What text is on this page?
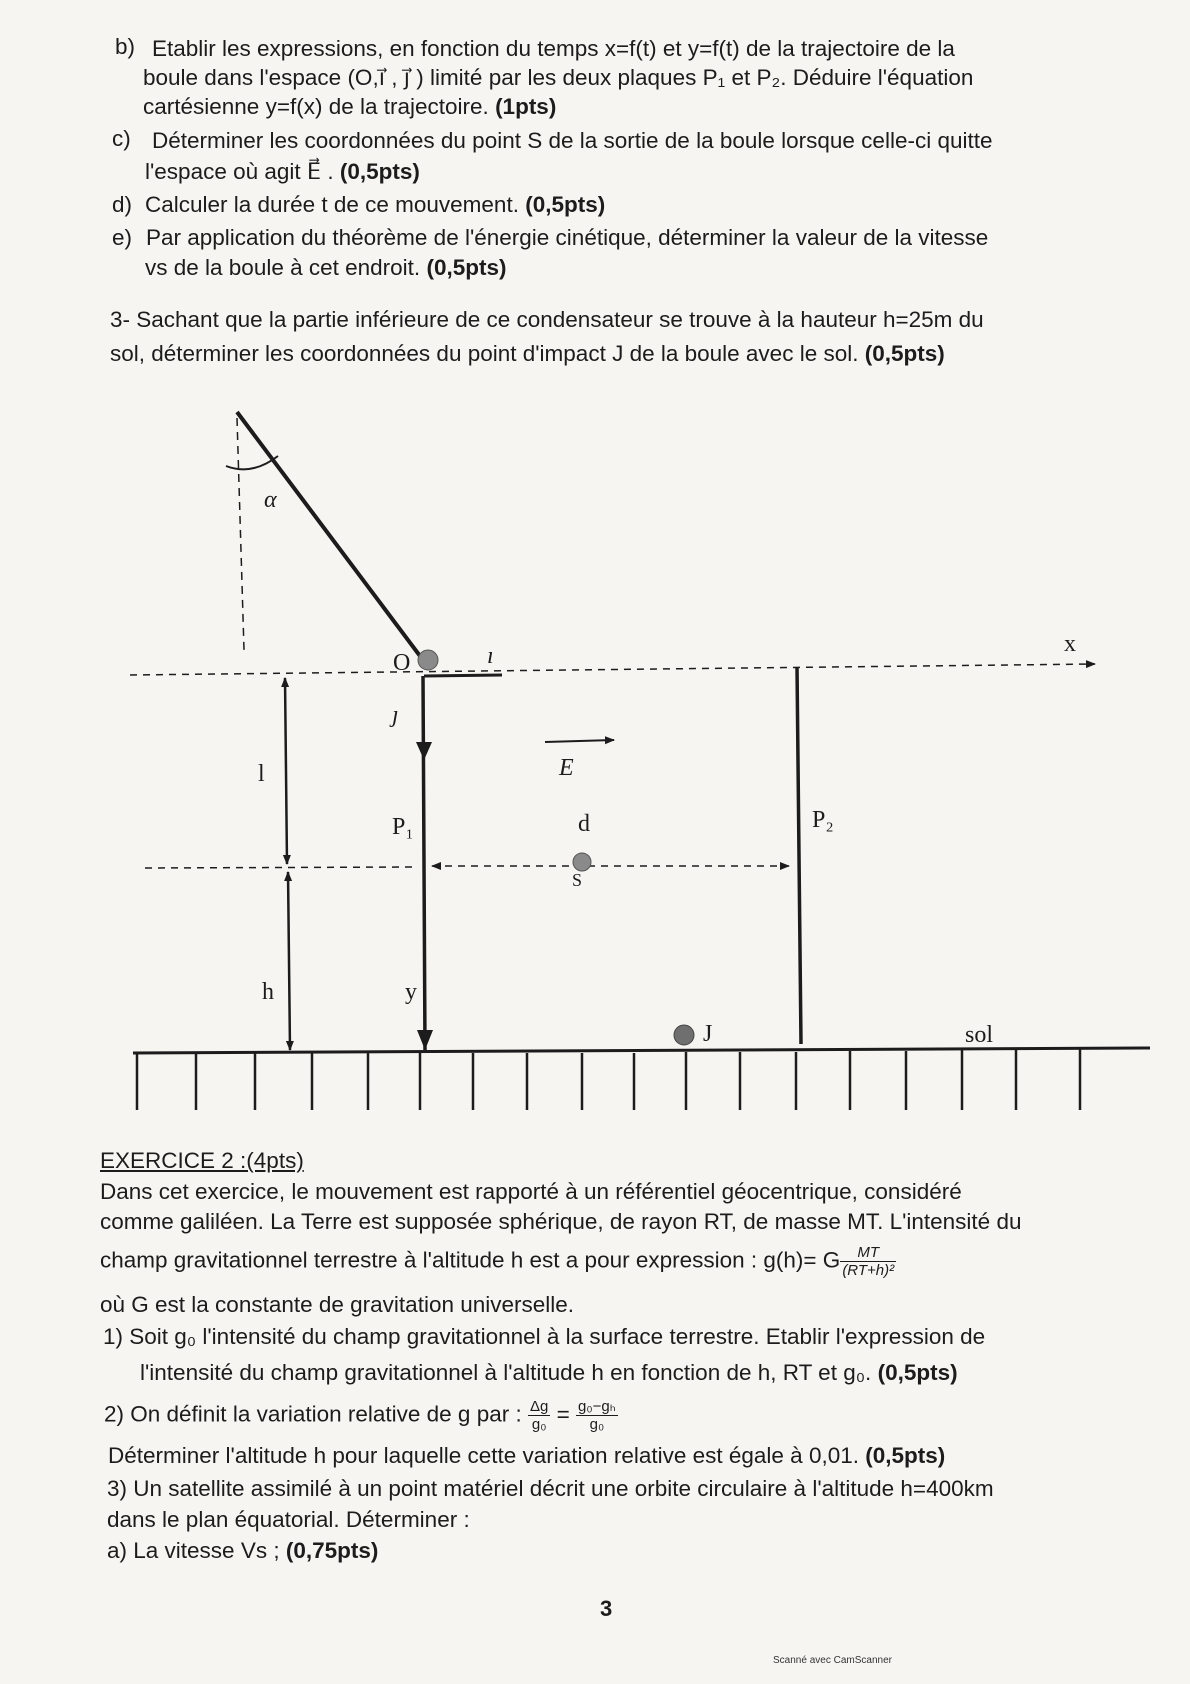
b) Etablir les expressions, en fonction du temps x=f(t) et y=f(t) de la trajectoire de la
boule dans l'espace (O,ı⃗ , ȷ⃗ ) limité par les deux plaques P₁ et P₂. Déduire l'équation
cartésienne y=f(x) de la trajectoire. (1pts)
c) Déterminer les coordonnées du point S de la sortie de la boule lorsque celle-ci quitte
l'espace où agit E⃗ . (0,5pts)
d) Calculer la durée t de ce mouvement. (0,5pts)
e) Par application du théorème de l'énergie cinétique, déterminer la valeur de la vitesse
vs de la boule à cet endroit. (0,5pts)
3- Sachant que la partie inférieure de ce condensateur se trouve à la hauteur h=25m du
sol, déterminer les coordonnées du point d'impact J de la boule avec le sol. (0,5pts)
α
O	ı⃗	x
ȷ⃗
E⃗
l
P₁	d	P₂
S
h	y
J	sol
EXERCICE 2 :(4pts)
Dans cet exercice, le mouvement est rapporté à un référentiel géocentrique, considéré
comme galiléen. La Terre est supposée sphérique, de rayon RT, de masse MT. L'intensité du
champ gravitationnel terrestre à l'altitude h est a pour expression : g(h)= G $\frac{MT}{\text{(RT+h)²}}$
où G est la constante de gravitation universelle.
1) Soit g₀ l'intensité du champ gravitationnel à la surface terrestre. Etablir l'expression de
l'intensité du champ gravitationnel à l'altitude h en fonction de h, RT et g₀. (0,5pts)
2) On définit la variation relative de g par : $\frac{\Delta g}{\text{g₀}} = \frac{\text{g₀−gₕ}}{\text{g₀}}$
Déterminer l'altitude h pour laquelle cette variation relative est égale à 0,01. (0,5pts)
3) Un satellite assimilé à un point matériel décrit une orbite circulaire à l'altitude h=400km
dans le plan équatorial. Déterminer :
a) La vitesse Vs ; (0,75pts)
3
Scanné avec CamScanner
